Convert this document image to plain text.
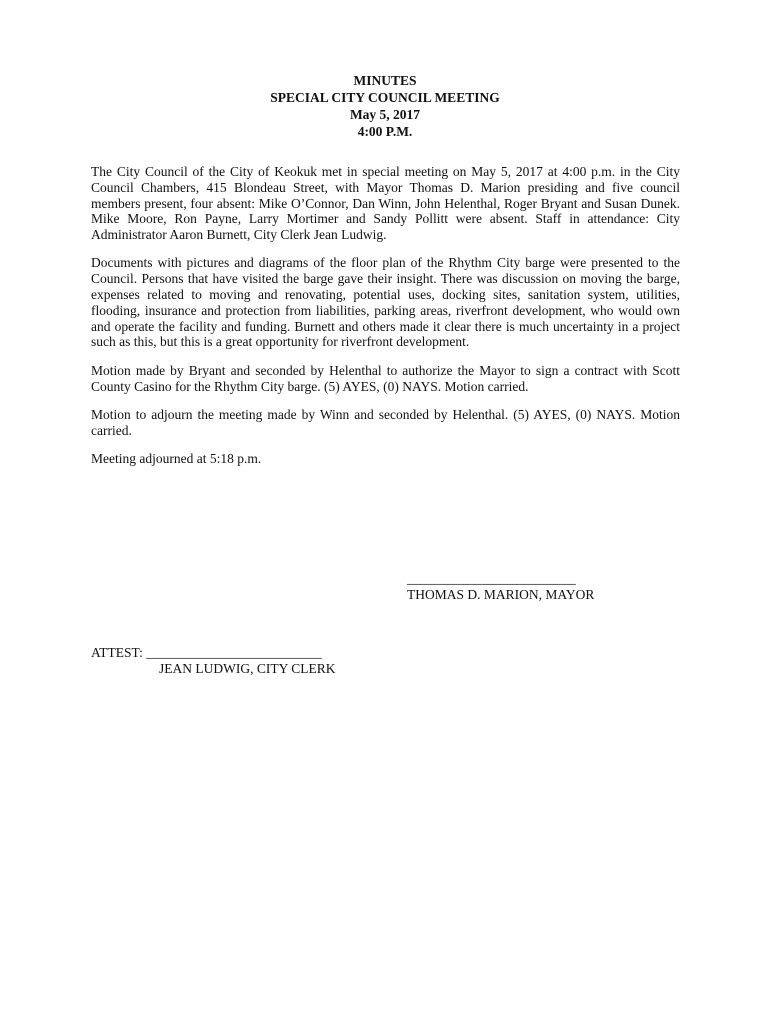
MINUTES
SPECIAL CITY COUNCIL MEETING
May 5, 2017
4:00 P.M.

The City Council of the City of Keokuk met in special meeting on May 5, 2017 at 4:00 p.m. in the City Council Chambers, 415 Blondeau Street, with Mayor Thomas D. Marion presiding and five council members present, four absent: Mike O’Connor, Dan Winn, John Helenthal, Roger Bryant and Susan Dunek. Mike Moore, Ron Payne, Larry Mortimer and Sandy Pollitt were absent. Staff in attendance: City Administrator Aaron Burnett, City Clerk Jean Ludwig.

Documents with pictures and diagrams of the floor plan of the Rhythm City barge were presented to the Council. Persons that have visited the barge gave their insight. There was discussion on moving the barge, expenses related to moving and renovating, potential uses, docking sites, sanitation system, utilities, flooding, insurance and protection from liabilities, parking areas, riverfront development, who would own and operate the facility and funding. Burnett and others made it clear there is much uncertainty in a project such as this, but this is a great opportunity for riverfront development.

Motion made by Bryant and seconded by Helenthal to authorize the Mayor to sign a contract with Scott County Casino for the Rhythm City barge. (5) AYES, (0) NAYS. Motion carried.

Motion to adjourn the meeting made by Winn and seconded by Helenthal. (5) AYES, (0) NAYS. Motion carried.

Meeting adjourned at 5:18 p.m.

_________________________
THOMAS D. MARION, MAYOR
ATTEST: __________________________
JEAN LUDWIG, CITY CLERK
